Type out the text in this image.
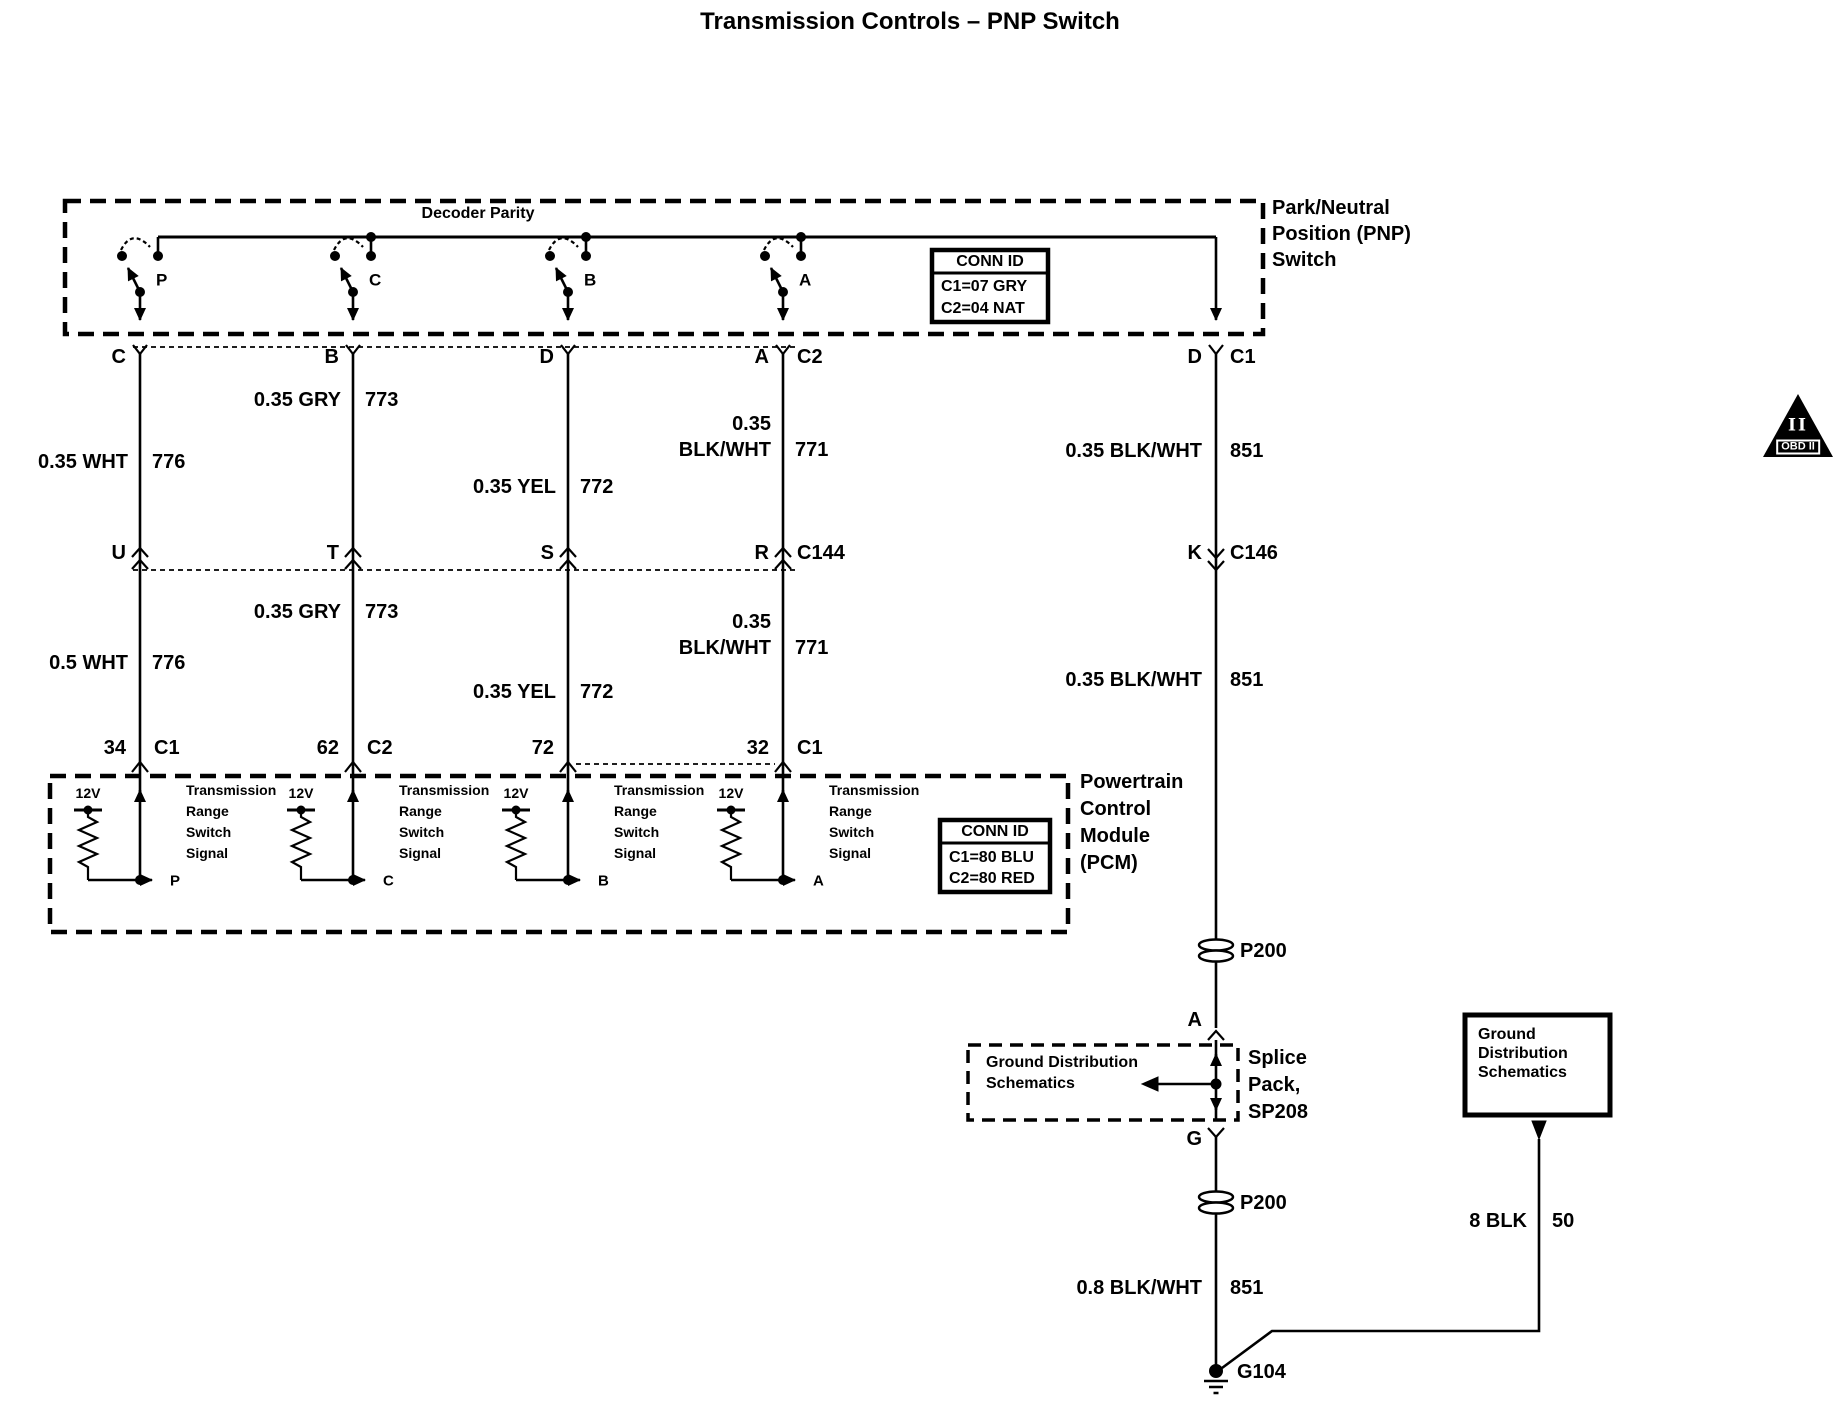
Transmission Controls – PNP Switch
Decoder Parity	Park/Neutral
Position (PNP)
Switch
P	C	B	A
CONN ID
C1=07 GRY
C2=04 NAT
C	B	D	A C2	D C1
0.35 GRY 773
0.35
BLK/WHT 771
0.35 WHT 776
0.35 YEL 772
0.35 BLK/WHT 851
U	T	S	R C144	K C146
0.35 GRY 773	0.35
BLK/WHT 771
0.5 WHT 776
0.35 YEL 772
0.35 BLK/WHT 851
34 C1	62 C2	72	32 C1
12V	12V	12V	12V
Transmission
Range
Switch
Signal
P
Transmission
Range
Switch
Signal
C
Transmission
Range
Switch
Signal
B
Transmission
Range
Switch
Signal
A
CONN ID
C1=80 BLU
C2=80 RED
Powertrain
Control
Module
(PCM)
P200
A
Ground Distribution
Schematics
Splice
Pack,
SP208
G
P200
0.8 BLK/WHT 851
G104
Ground
Distribution
Schematics
8 BLK 50
II
OBD II
